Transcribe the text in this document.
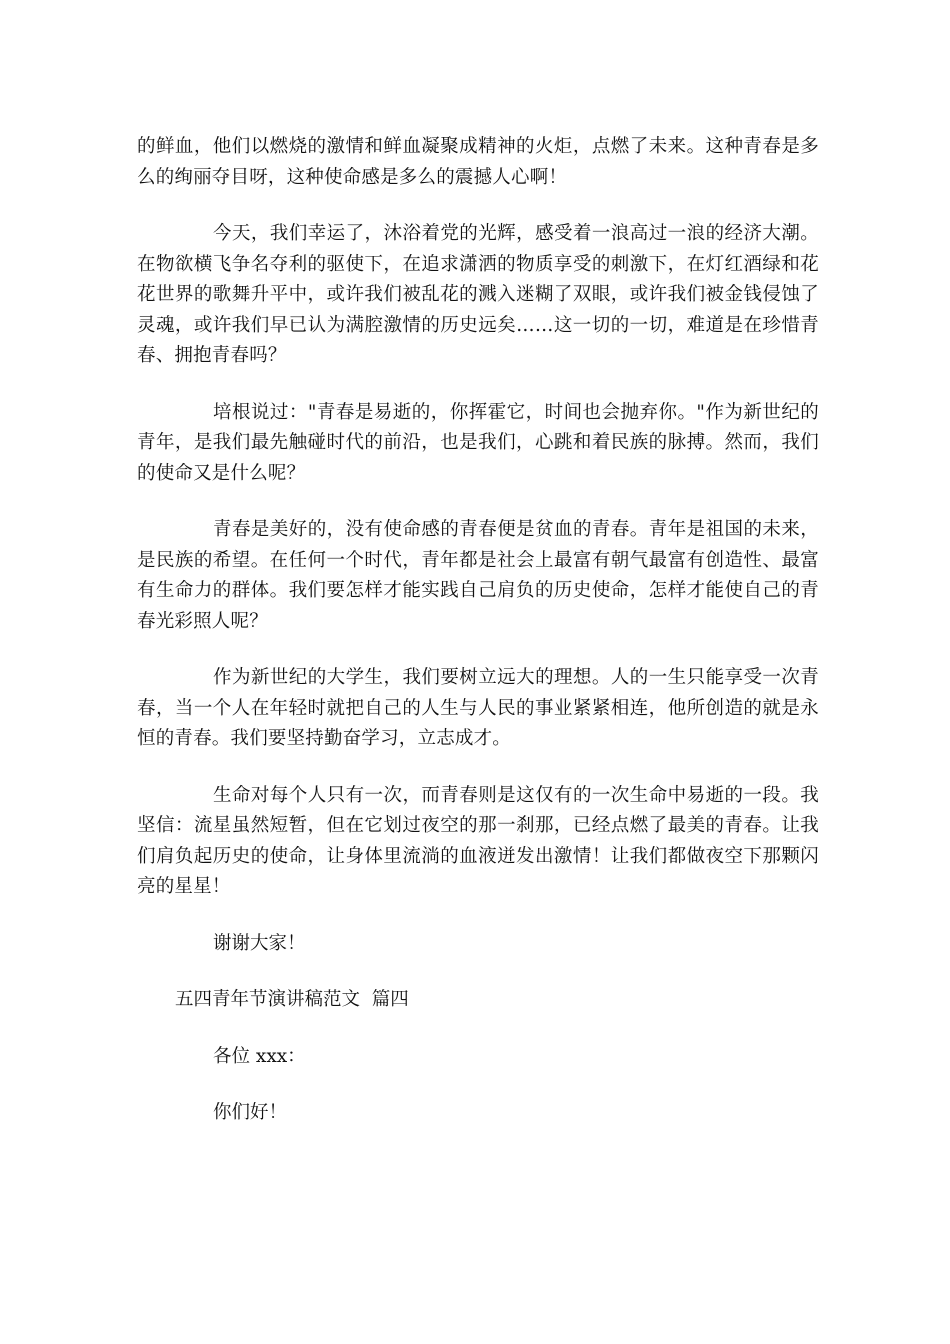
的鲜血，他们以燃烧的激情和鲜血凝聚成精神的火炬，点燃了未来。这种青春是多么的绚丽夺目呀，这种使命感是多么的震撼人心啊！

今天，我们幸运了，沐浴着党的光辉，感受着一浪高过一浪的经济大潮。在物欲横飞争名夺利的驱使下，在追求潇洒的物质享受的刺激下，在灯红酒绿和花花世界的歌舞升平中，或许我们被乱花的溅入迷糊了双眼，或许我们被金钱侵蚀了灵魂，或许我们早已认为满腔激情的历史远矣……这一切的一切，难道是在珍惜青春、拥抱青春吗？

培根说过："青春是易逝的，你挥霍它，时间也会抛弃你。"作为新世纪的青年，是我们最先触碰时代的前沿，也是我们，心跳和着民族的脉搏。然而，我们的使命又是什么呢？

青春是美好的，没有使命感的青春便是贫血的青春。青年是祖国的未来，是民族的希望。在任何一个时代，青年都是社会上最富有朝气最富有创造性、最富有生命力的群体。我们要怎样才能实践自己肩负的历史使命，怎样才能使自己的青春光彩照人呢？

作为新世纪的大学生，我们要树立远大的理想。人的一生只能享受一次青春，当一个人在年轻时就把自己的人生与人民的事业紧紧相连，他所创造的就是永恒的青春。我们要坚持勤奋学习，立志成才。

生命对每个人只有一次，而青春则是这仅有的一次生命中易逝的一段。我坚信：流星虽然短暂，但在它划过夜空的那一刹那，已经点燃了最美的青春。让我们肩负起历史的使命，让身体里流淌的血液迸发出激情！让我们都做夜空下那颗闪亮的星星！

谢谢大家！

五四青年节演讲稿范文  篇四

各位 xxx：

你们好！
